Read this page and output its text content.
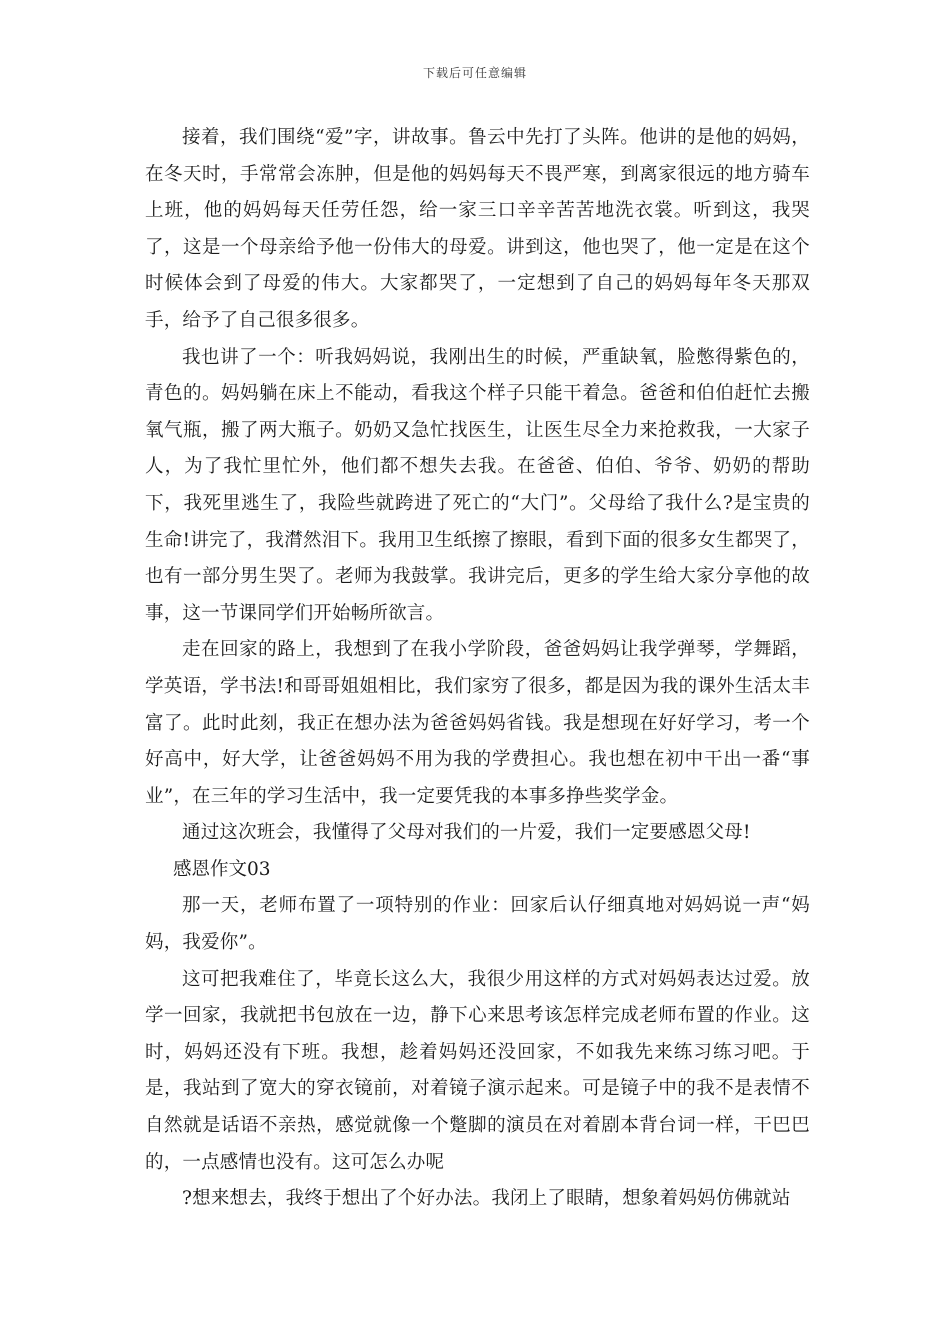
下载后可任意编辑

接着，我们围绕“爱”字，讲故事。鲁云中先打了头阵。他讲的是他的妈妈，在冬天时，手常常会冻肿，但是他的妈妈每天不畏严寒，到离家很远的地方骑车上班，他的妈妈每天任劳任怨，给一家三口辛辛苦苦地洗衣裳。听到这，我哭了，这是一个母亲给予他一份伟大的母爱。讲到这，他也哭了，他一定是在这个时候体会到了母爱的伟大。大家都哭了，一定想到了自己的妈妈每年冬天那双手，给予了自己很多很多。

我也讲了一个：听我妈妈说，我刚出生的时候，严重缺氧，脸憋得紫色的，青色的。妈妈躺在床上不能动，看我这个样子只能干着急。爸爸和伯伯赶忙去搬氧气瓶，搬了两大瓶子。奶奶又急忙找医生，让医生尽全力来抢救我，一大家子人，为了我忙里忙外，他们都不想失去我。在爸爸、伯伯、爷爷、奶奶的帮助下，我死里逃生了，我险些就跨进了死亡的“大门”。父母给了我什么?是宝贵的生命!讲完了，我潸然泪下。我用卫生纸擦了擦眼，看到下面的很多女生都哭了，也有一部分男生哭了。老师为我鼓掌。我讲完后，更多的学生给大家分享他的故事，这一节课同学们开始畅所欲言。

走在回家的路上，我想到了在我小学阶段，爸爸妈妈让我学弹琴，学舞蹈，学英语，学书法!和哥哥姐姐相比，我们家穷了很多，都是因为我的课外生活太丰富了。此时此刻，我正在想办法为爸爸妈妈省钱。我是想现在好好学习，考一个好高中，好大学，让爸爸妈妈不用为我的学费担心。我也想在初中干出一番“事业”，在三年的学习生活中，我一定要凭我的本事多挣些奖学金。

通过这次班会，我懂得了父母对我们的一片爱，我们一定要感恩父母!

感恩作文03

那一天，老师布置了一项特别的作业：回家后认仔细真地对妈妈说一声“妈妈，我爱你”。

这可把我难住了，毕竟长这么大，我很少用这样的方式对妈妈表达过爱。放学一回家，我就把书包放在一边，静下心来思考该怎样完成老师布置的作业。这时，妈妈还没有下班。我想，趁着妈妈还没回家，不如我先来练习练习吧。于是，我站到了宽大的穿衣镜前，对着镜子演示起来。可是镜子中的我不是表情不自然就是话语不亲热，感觉就像一个蹩脚的演员在对着剧本背台词一样，干巴巴的，一点感情也没有。这可怎么办呢

?想来想去，我终于想出了个好办法。我闭上了眼睛，想象着妈妈仿佛就站
